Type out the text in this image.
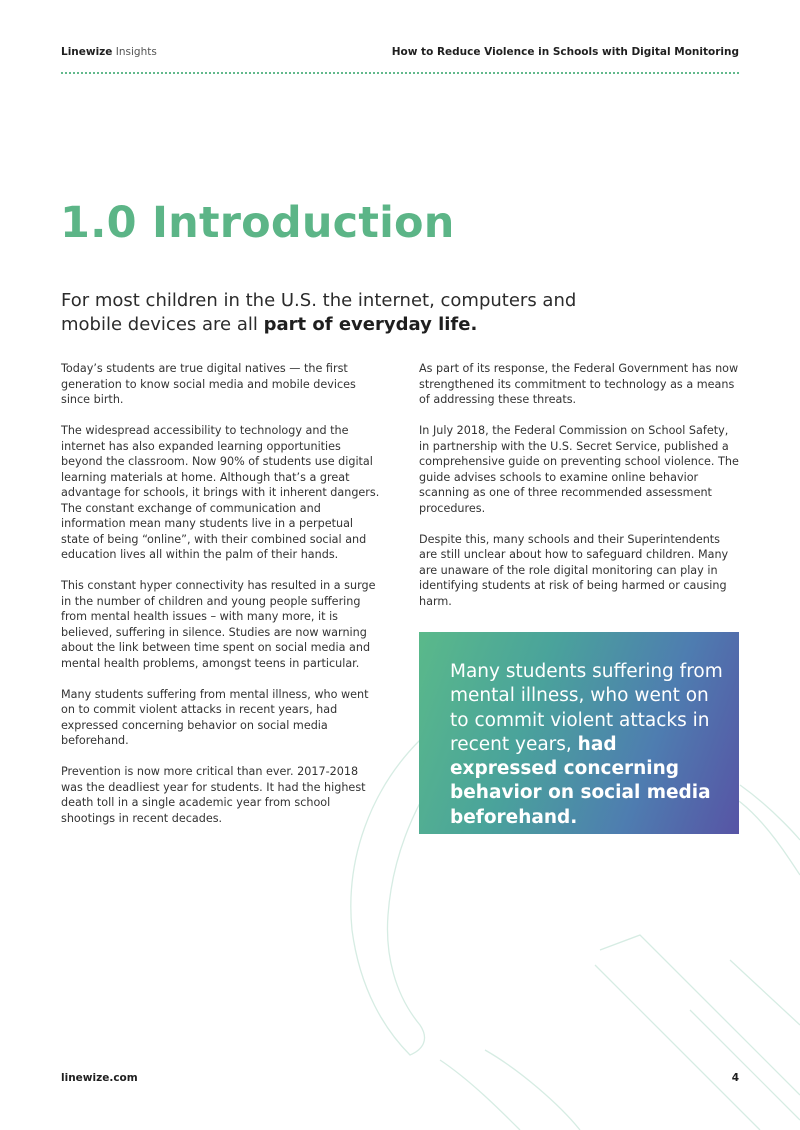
Linewize Insights	How to Reduce Violence in Schools with Digital Monitoring
1.0 Introduction

For most children in the U.S. the internet, computers and mobile devices are all part of everyday life.

Today’s students are true digital natives — the first generation to know social media and mobile devices since birth.

The widespread accessibility to technology and the internet has also expanded learning opportunities beyond the classroom. Now 90% of students use digital learning materials at home. Although that’s a great advantage for schools, it brings with it inherent dangers. The constant exchange of communication and information mean many students live in a perpetual state of being “online”, with their combined social and education lives all within the palm of their hands.

This constant hyper connectivity has resulted in a surge in the number of children and young people suffering from mental health issues – with many more, it is believed, suffering in silence. Studies are now warning about the link between time spent on social media and mental health problems, amongst teens in particular.

Many students suffering from mental illness, who went on to commit violent attacks in recent years, had expressed concerning behavior on social media beforehand.

Prevention is now more critical than ever. 2017-2018 was the deadliest year for students. It had the highest death toll in a single academic year from school shootings in recent decades.

As part of its response, the Federal Government has now strengthened its commitment to technology as a means of addressing these threats.

In July 2018, the Federal Commission on School Safety, in partnership with the U.S. Secret Service, published a comprehensive guide on preventing school violence. The guide advises schools to examine online behavior scanning as one of three recommended assessment procedures.

Despite this, many schools and their Superintendents are still unclear about how to safeguard children. Many are unaware of the role digital monitoring can play in identifying students at risk of being harmed or causing harm.

Many students suffering from mental illness, who went on to commit violent attacks in recent years, had expressed concerning behavior on social media beforehand.

linewize.com	4
